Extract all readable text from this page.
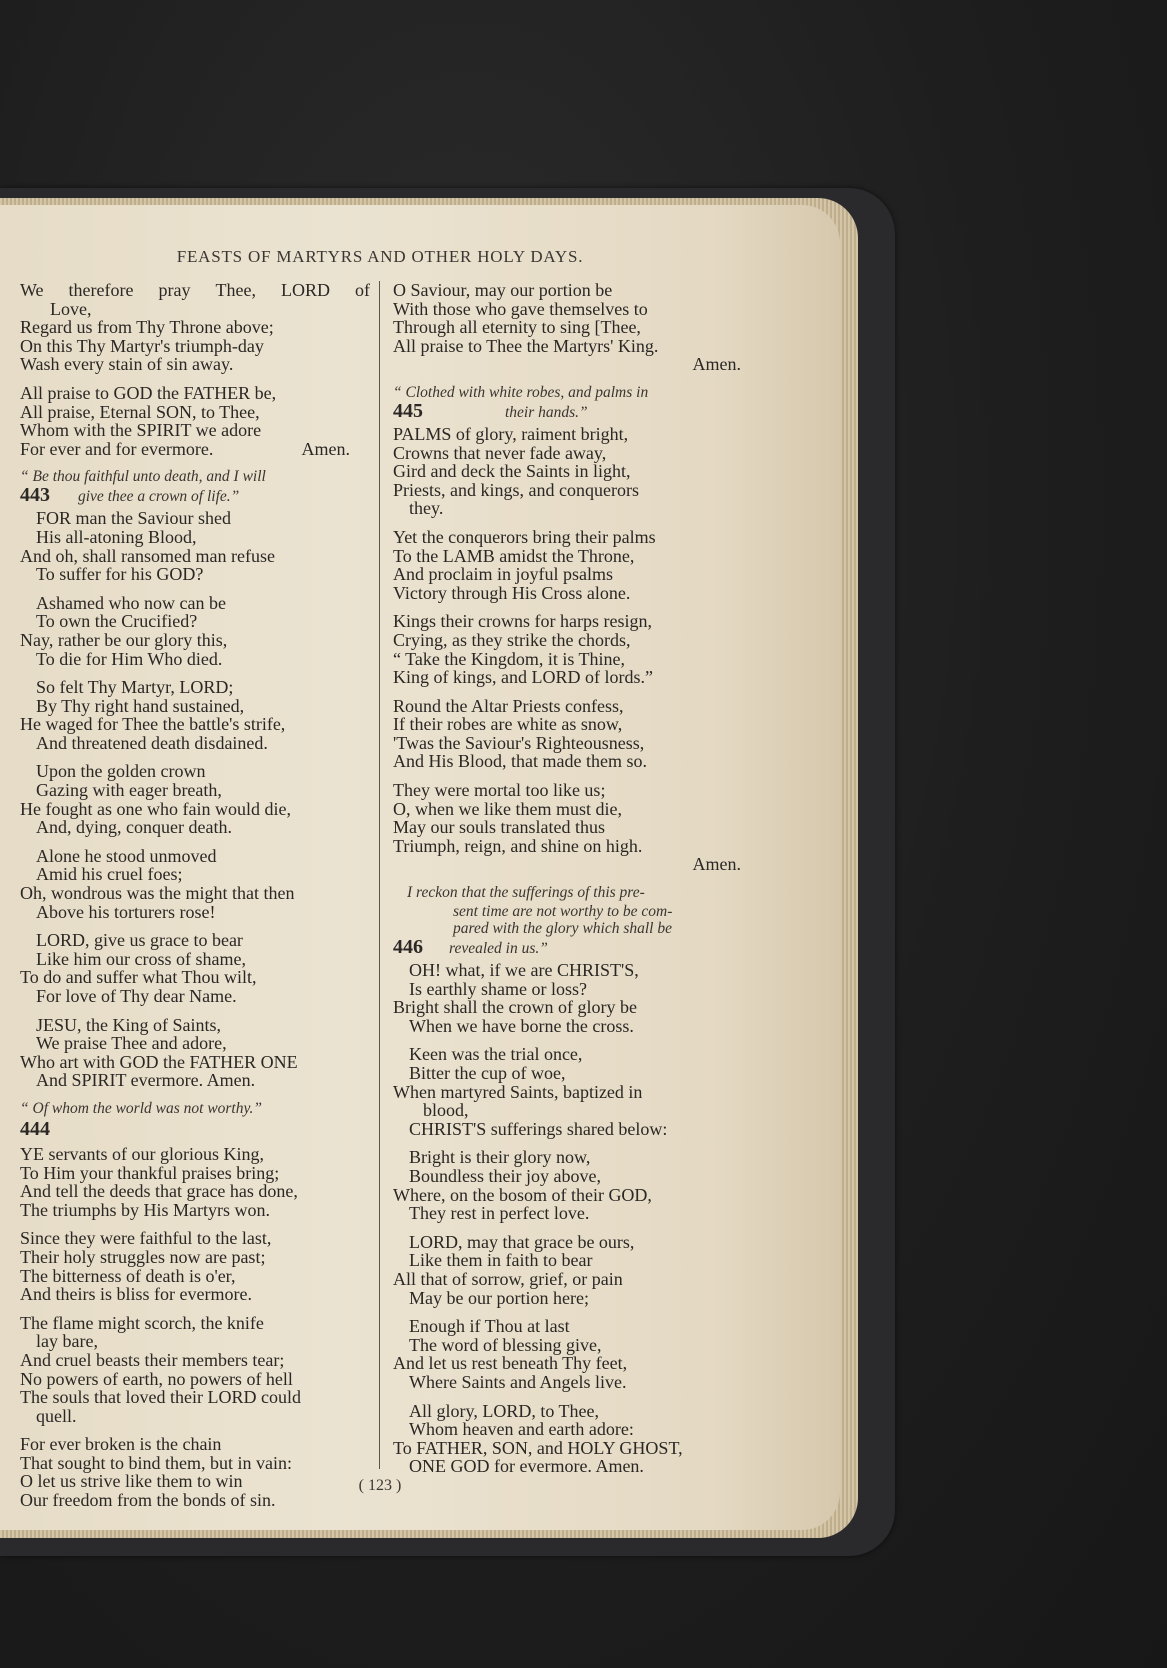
FEASTS OF MARTYRS AND OTHER HOLY DAYS.
We therefore pray Thee, LORD of
Love,
Regard us from Thy Throne above;
On this Thy Martyr's triumph-day
Wash every stain of sin away.
All praise to GOD the FATHER be,
All praise, Eternal SON, to Thee,
Whom with the SPIRIT we adore
For ever and for evermore.	Amen.
“ Be thou faithful unto death, and I will
443	give thee a crown of life.”
FOR man the Saviour shed
His all-atoning Blood,
And oh, shall ransomed man refuse
To suffer for his GOD?
Ashamed who now can be
To own the Crucified?
Nay, rather be our glory this,
To die for Him Who died.
So felt Thy Martyr, LORD;
By Thy right hand sustained,
He waged for Thee the battle's strife,
And threatened death disdained.
Upon the golden crown
Gazing with eager breath,
He fought as one who fain would die,
And, dying, conquer death.
Alone he stood unmoved
Amid his cruel foes;
Oh, wondrous was the might that then
Above his torturers rose!
LORD, give us grace to bear
Like him our cross of shame,
To do and suffer what Thou wilt,
For love of Thy dear Name.
JESU, the King of Saints,
We praise Thee and adore,
Who art with GOD the FATHER ONE
And SPIRIT evermore. Amen.
“ Of whom the world was not worthy.”
444
YE servants of our glorious King,
To Him your thankful praises bring;
And tell the deeds that grace has done,
The triumphs by His Martyrs won.
Since they were faithful to the last,
Their holy struggles now are past;
The bitterness of death is o'er,
And theirs is bliss for evermore.
The flame might scorch, the knife
lay bare,
And cruel beasts their members tear;
No powers of earth, no powers of hell
The souls that loved their LORD could
quell.
For ever broken is the chain
That sought to bind them, but in vain:
O let us strive like them to win
Our freedom from the bonds of sin.
O Saviour, may our portion be
With those who gave themselves to
Through all eternity to sing [Thee,
All praise to Thee the Martyrs' King.
Amen.
“ Clothed with white robes, and palms in
445	their hands.”
PALMS of glory, raiment bright,
Crowns that never fade away,
Gird and deck the Saints in light,
Priests, and kings, and conquerors
they.
Yet the conquerors bring their palms
To the LAMB amidst the Throne,
And proclaim in joyful psalms
Victory through His Cross alone.
Kings their crowns for harps resign,
Crying, as they strike the chords,
“ Take the Kingdom, it is Thine,
King of kings, and LORD of lords.”
Round the Altar Priests confess,
If their robes are white as snow,
'Twas the Saviour's Righteousness,
And His Blood, that made them so.
They were mortal too like us;
O, when we like them must die,
May our souls translated thus
Triumph, reign, and shine on high.
Amen.
I reckon that the sufferings of this pre-
sent time are not worthy to be com-
pared with the glory which shall be
446	revealed in us.”
OH! what, if we are CHRIST'S,
Is earthly shame or loss?
Bright shall the crown of glory be
When we have borne the cross.
Keen was the trial once,
Bitter the cup of woe,
When martyred Saints, baptized in
blood,
CHRIST'S sufferings shared below:
Bright is their glory now,
Boundless their joy above,
Where, on the bosom of their GOD,
They rest in perfect love.
LORD, may that grace be ours,
Like them in faith to bear
All that of sorrow, grief, or pain
May be our portion here;
Enough if Thou at last
The word of blessing give,
And let us rest beneath Thy feet,
Where Saints and Angels live.
All glory, LORD, to Thee,
Whom heaven and earth adore:
To FATHER, SON, and HOLY GHOST,
ONE GOD for evermore. Amen.
( 123 )
